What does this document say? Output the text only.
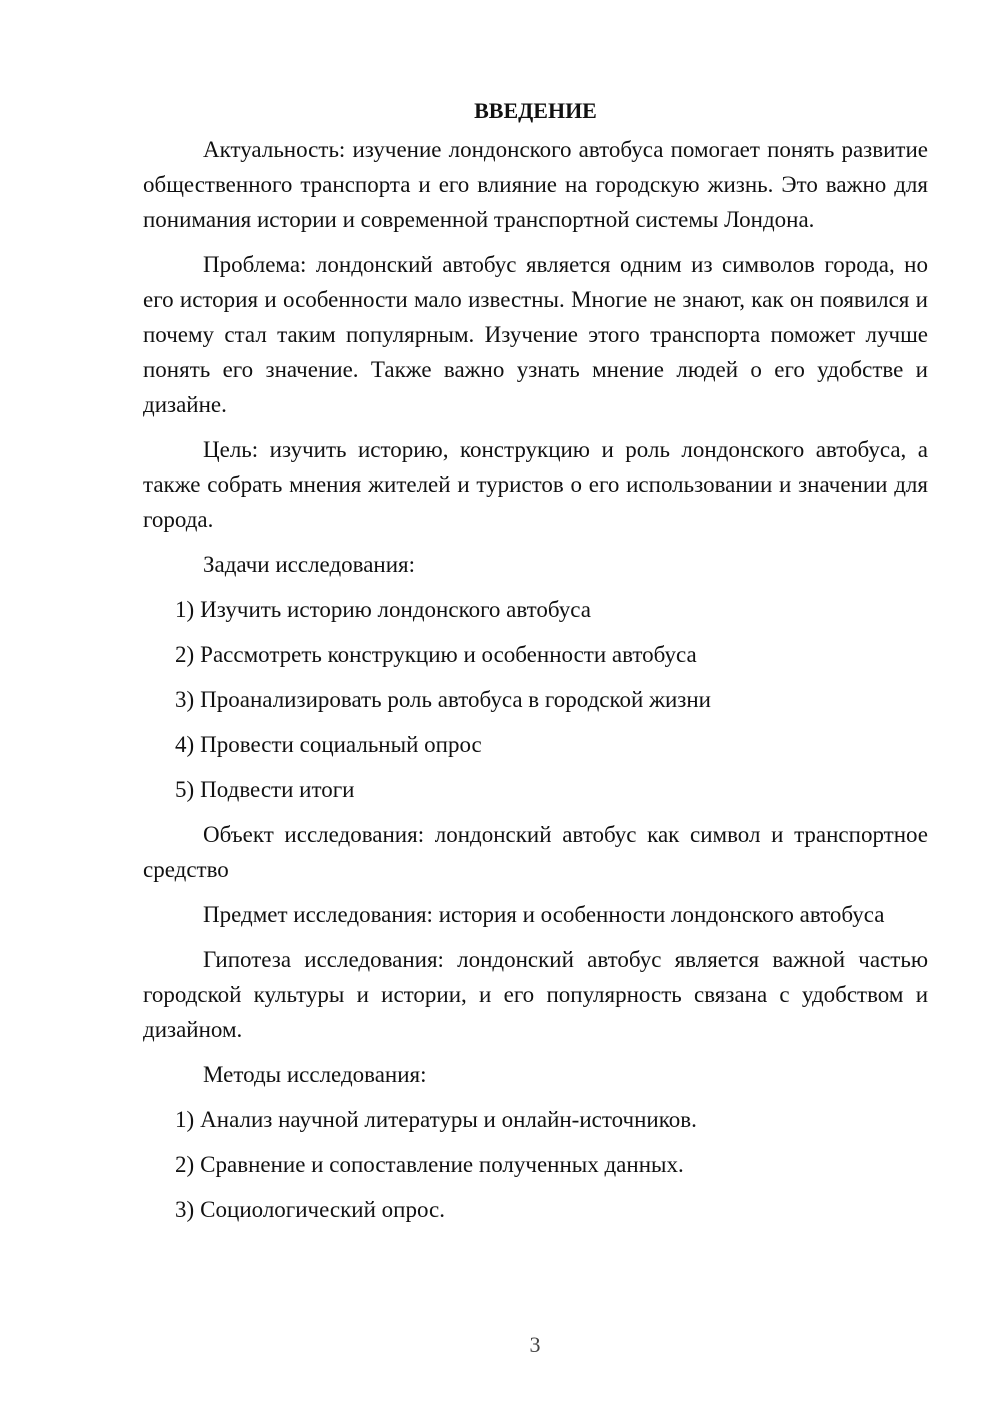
ВВЕДЕНИЕ

Актуальность: изучение лондонского автобуса помогает понять развитие общественного транспорта и его влияние на городскую жизнь. Это важно для понимания истории и современной транспортной системы Лондона.

Проблема: лондонский автобус является одним из символов города, но его история и особенности мало известны. Многие не знают, как он появился и почему стал таким популярным. Изучение этого транспорта поможет лучше понять его значение. Также важно узнать мнение людей о его удобстве и дизайне.

Цель: изучить историю, конструкцию и роль лондонского автобуса, а также собрать мнения жителей и туристов о его использовании и значении для города.

Задачи исследования:

1) Изучить историю лондонского автобуса
2) Рассмотреть конструкцию и особенности автобуса
3) Проанализировать роль автобуса в городской жизни
4) Провести социальный опрос
5) Подвести итоги

Объект исследования: лондонский автобус как символ и транспортное средство

Предмет исследования: история и особенности лондонского автобуса

Гипотеза исследования: лондонский автобус является важной частью городской культуры и истории, и его популярность связана с удобством и дизайном.

Методы исследования:

1) Анализ научной литературы и онлайн-источников.
2) Сравнение и сопоставление полученных данных.
3) Социологический опрос.
3
